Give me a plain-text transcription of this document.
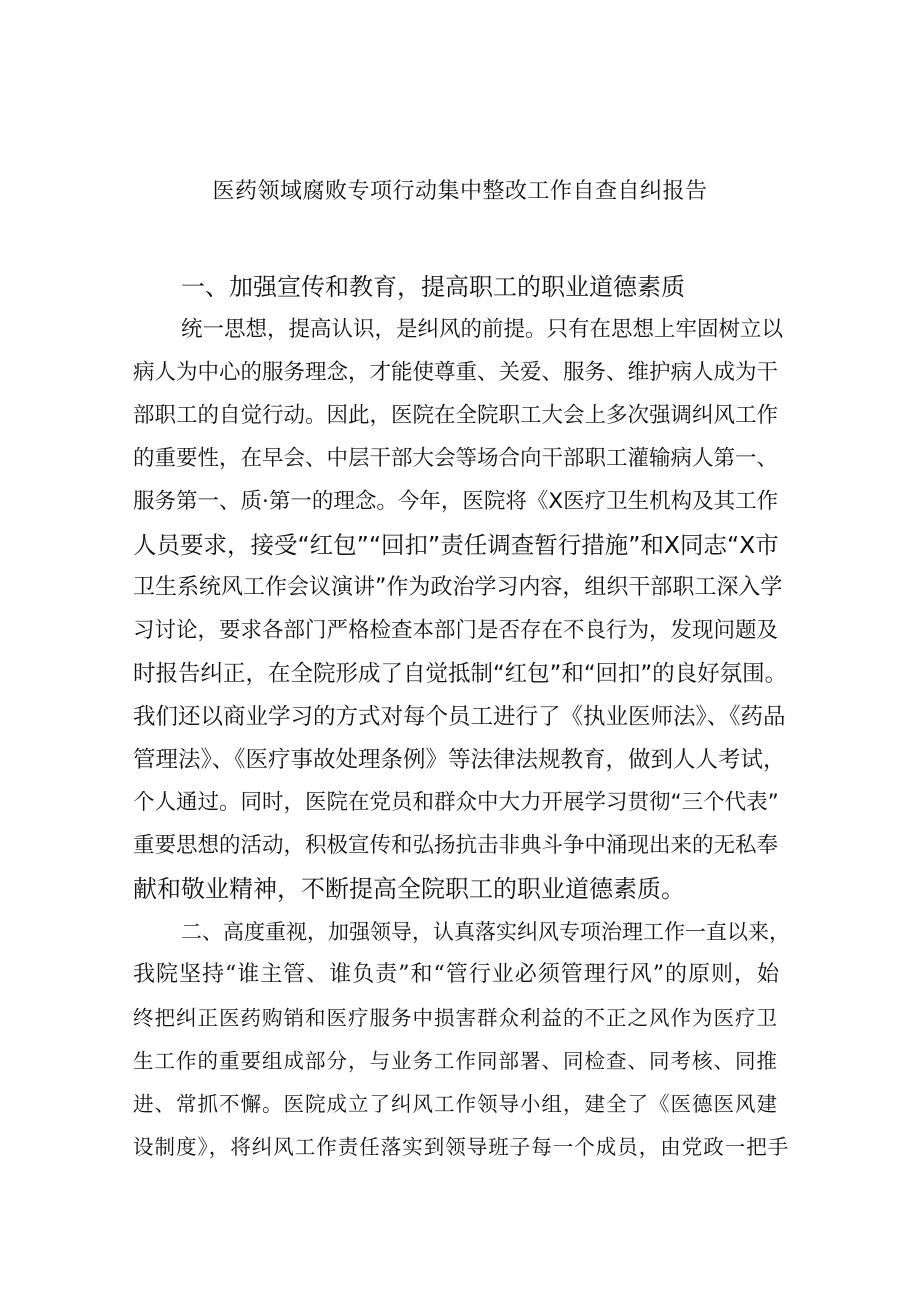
医药领域腐败专项行动集中整改工作自查自纠报告

一、加强宣传和教育，提高职工的职业道德素质

统一思想，提高认识，是纠风的前提。只有在思想上牢固树立以

病人为中心的服务理念，才能使尊重、关爱、服务、维护病人成为干

部职工的自觉行动。因此，医院在全院职工大会上多次强调纠风工作

的重要性，在早会、中层干部大会等场合向干部职工灌输病人第一、

服务第一、质·第一的理念。今年，医院将《X医疗卫生机构及其工作

人员要求，接受“红包”“回扣”责任调查暂行措施”和X同志“X市

卫生系统风工作会议演讲”作为政治学习内容，组织干部职工深入学

习讨论，要求各部门严格检查本部门是否存在不良行为，发现问题及

时报告纠正，在全院形成了自觉抵制“红包”和“回扣”的良好氛围。

我们还以商业学习的方式对每个员工进行了《执业医师法》、《药品

管理法》、《医疗事故处理条例》等法律法规教育，做到人人考试，

个人通过。同时，医院在党员和群众中大力开展学习贯彻“三个代表”

重要思想的活动，积极宣传和弘扬抗击非典斗争中涌现出来的无私奉

献和敬业精神，不断提高全院职工的职业道德素质。

二、高度重视，加强领导，认真落实纠风专项治理工作一直以来，

我院坚持“谁主管、谁负责”和“管行业必须管理行风”的原则，始

终把纠正医药购销和医疗服务中损害群众利益的不正之风作为医疗卫

生工作的重要组成部分，与业务工作同部署、同检查、同考核、同推

进、常抓不懈。医院成立了纠风工作领导小组，建全了《医德医风建

设制度》，将纠风工作责任落实到领导班子每一个成员，由党政一把手
